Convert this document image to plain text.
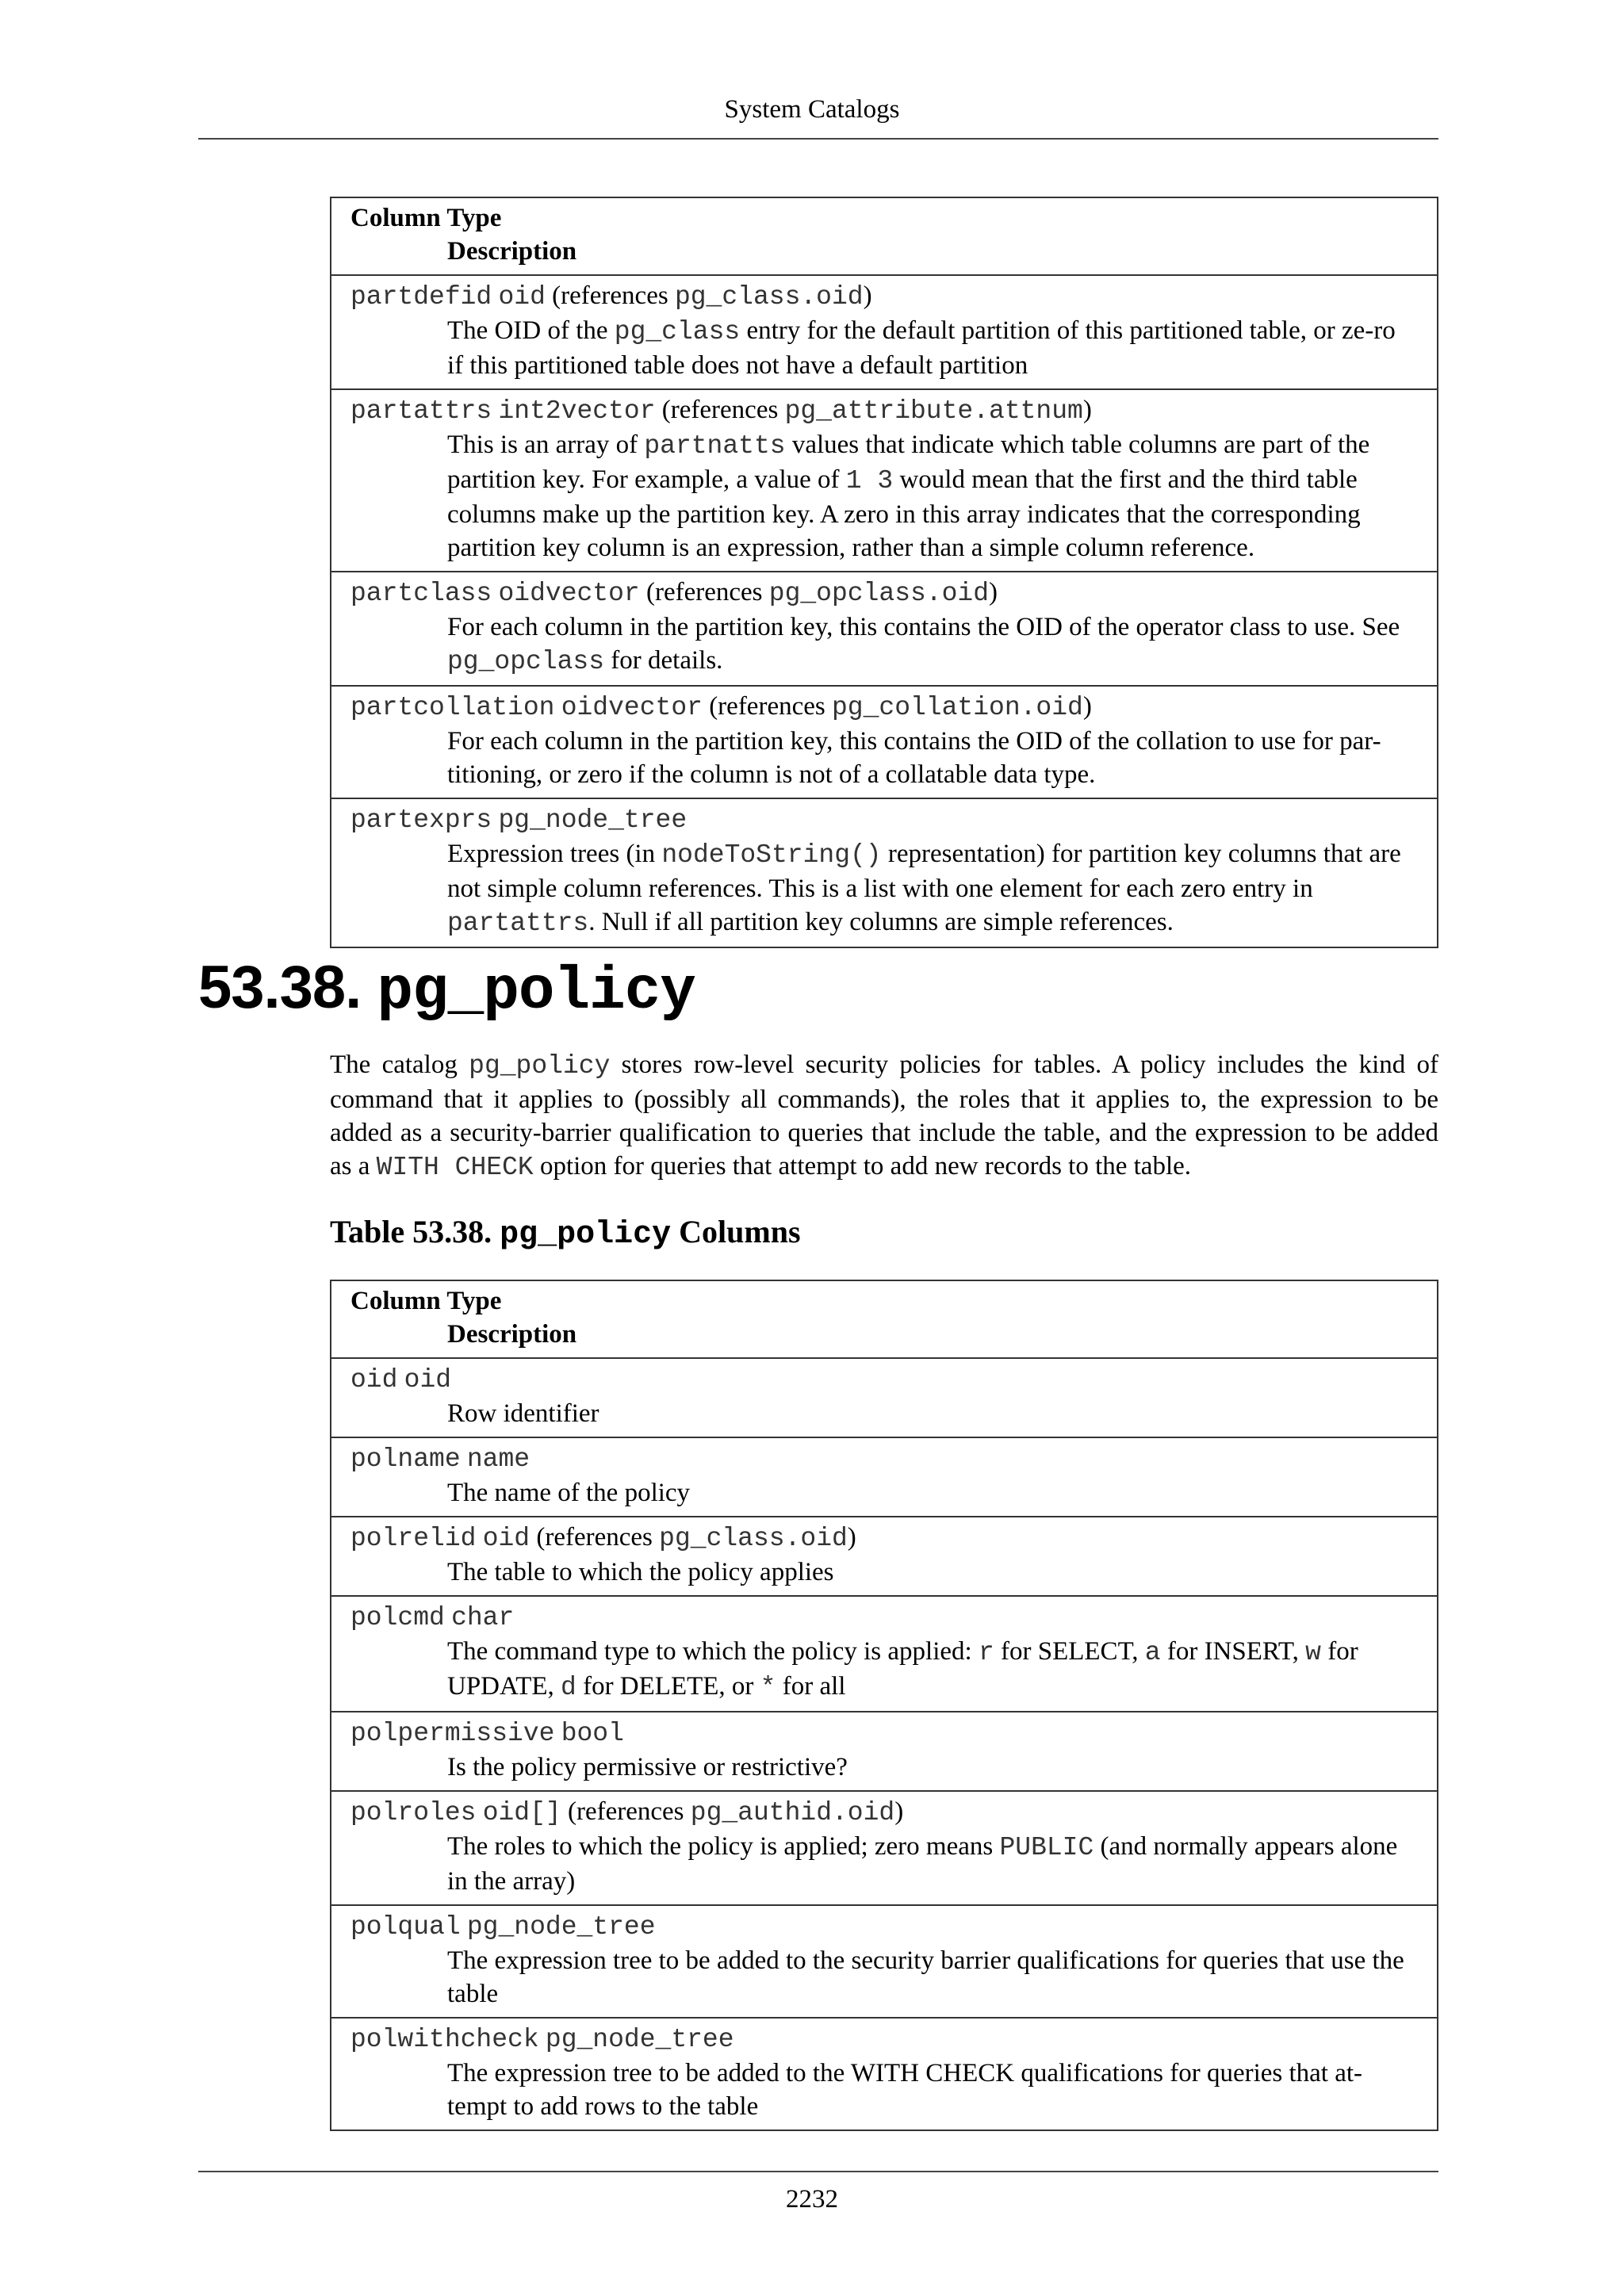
System Catalogs
Column Type
Description

partdefid oid (references pg_class.oid)
The OID of the pg_class entry for the default partition of this partitioned table, or ze-ro if this partitioned table does not have a default partition

partattrs int2vector (references pg_attribute.attnum)
This is an array of partnatts values that indicate which table columns are part of the partition key. For example, a value of 1 3 would mean that the first and the third table columns make up the partition key. A zero in this array indicates that the corresponding partition key column is an expression, rather than a simple column reference.

partclass oidvector (references pg_opclass.oid)
For each column in the partition key, this contains the OID of the operator class to use. See pg_opclass for details.

partcollation oidvector (references pg_collation.oid)
For each column in the partition key, this contains the OID of the collation to use for par-titioning, or zero if the column is not of a collatable data type.

partexprs pg_node_tree
Expression trees (in nodeToString() representation) for partition key columns that are not simple column references. This is a list with one element for each zero entry in partattrs. Null if all partition key columns are simple references.
53.38. pg_policy
The catalog pg_policy stores row-level security policies for tables. A policy includes the kind of command that it applies to (possibly all commands), the roles that it applies to, the expression to be added as a security-barrier qualification to queries that include the table, and the expression to be added as a WITH CHECK option for queries that attempt to add new records to the table.
Table 53.38. pg_policy Columns
Column Type
Description

oid oid
Row identifier

polname name
The name of the policy

polrelid oid (references pg_class.oid)
The table to which the policy applies

polcmd char
The command type to which the policy is applied: r for SELECT, a for INSERT, w for UPDATE, d for DELETE, or * for all

polpermissive bool
Is the policy permissive or restrictive?

polroles oid[] (references pg_authid.oid)
The roles to which the policy is applied; zero means PUBLIC (and normally appears alone in the array)

polqual pg_node_tree
The expression tree to be added to the security barrier qualifications for queries that use the table

polwithcheck pg_node_tree
The expression tree to be added to the WITH CHECK qualifications for queries that at-tempt to add rows to the table
2232
